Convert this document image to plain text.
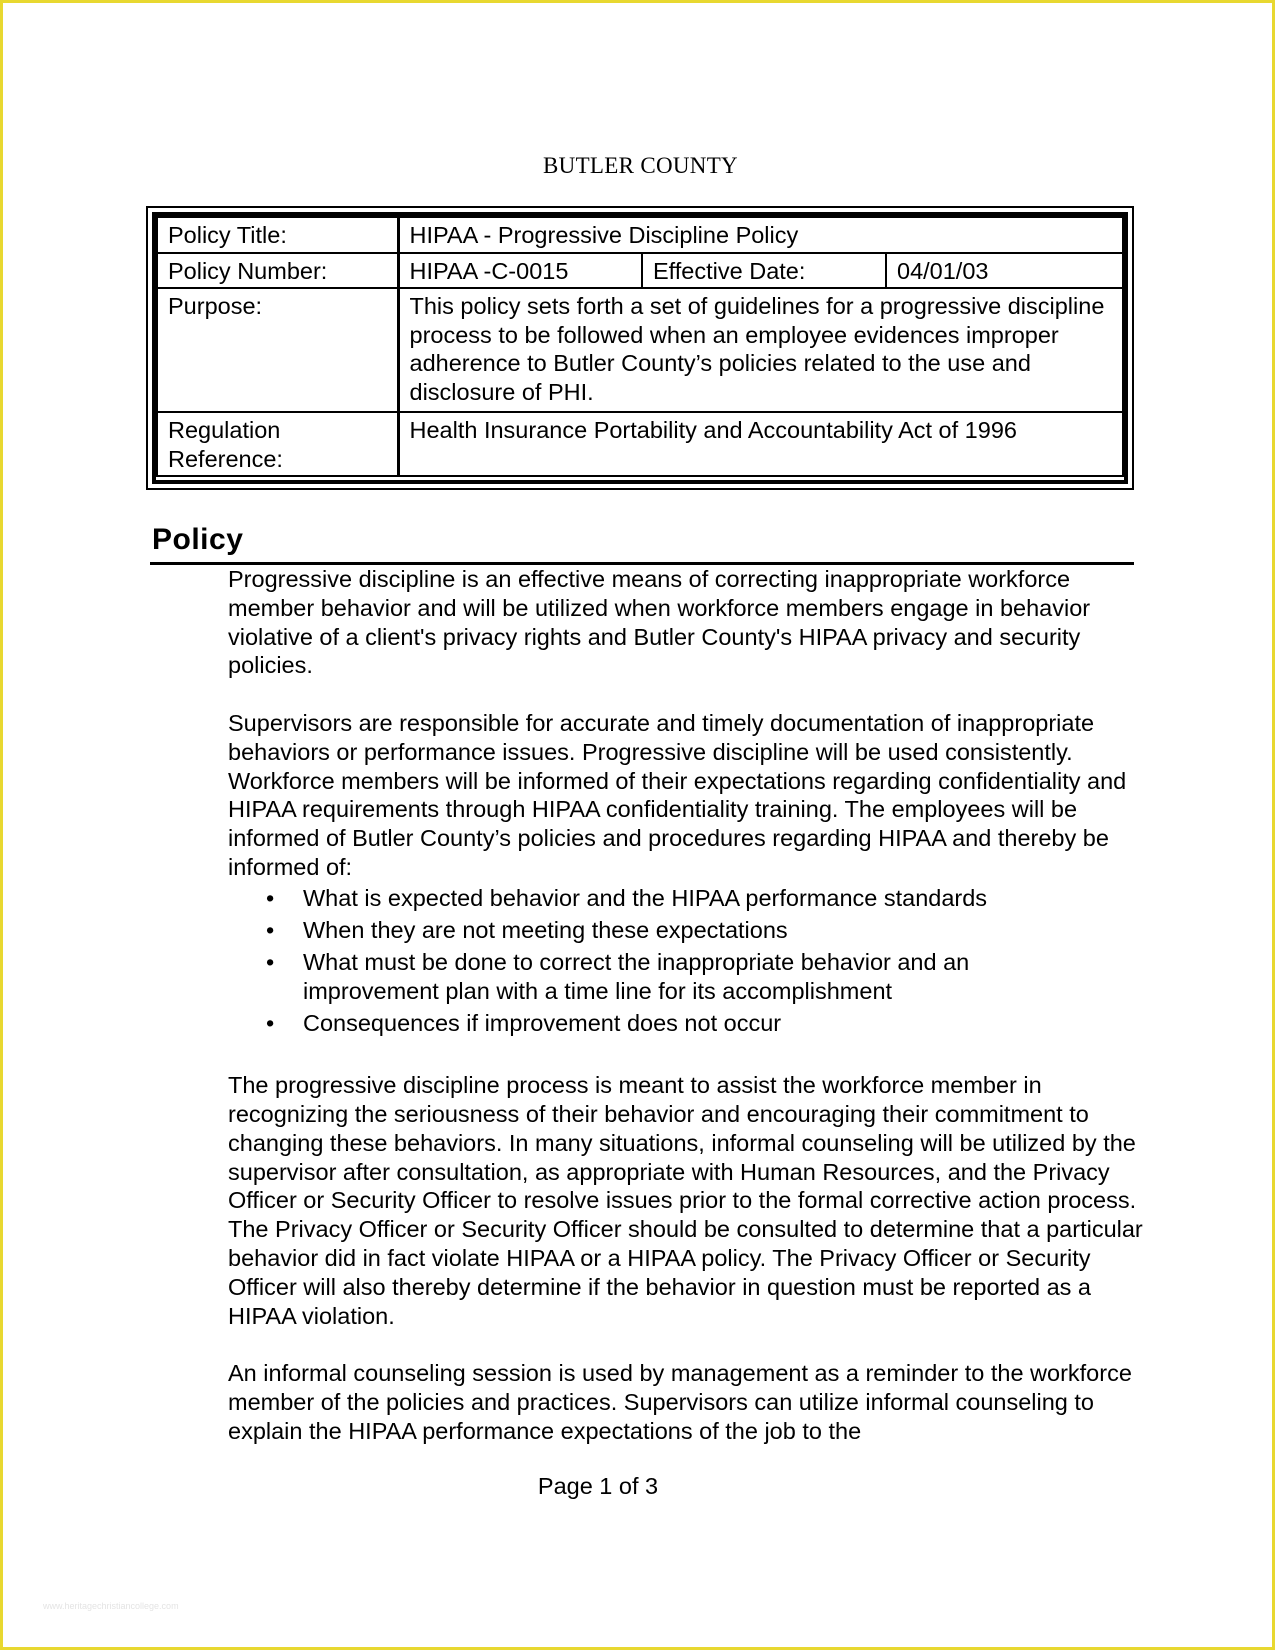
BUTLER COUNTY
Policy Title:	HIPAA - Progressive Discipline Policy		
Policy Number:	HIPAA -C-0015	Effective Date:	04/01/03
Purpose:	This policy sets forth a set of guidelines for a progressive discipline process to be followed when an employee evidences improper adherence to Butler County’s policies related to the use and disclosure of PHI.		

Regulation
Reference:	Health Insurance Portability and Accountability Act of 1996		
Policy

Progressive discipline is an effective means of correcting inappropriate workforce member behavior and will be utilized when workforce members engage in behavior violative of a client's privacy rights and Butler County's HIPAA privacy and security policies.

Supervisors are responsible for accurate and timely documentation of inappropriate behaviors or performance issues. Progressive discipline will be used consistently. Workforce members will be informed of their expectations regarding confidentiality and HIPAA requirements through HIPAA confidentiality training. The employees will be informed of Butler County’s policies and procedures regarding HIPAA and thereby be informed of:

• What is expected behavior and the HIPAA performance standards
• When they are not meeting these expectations
• What must be done to correct the inappropriate behavior and an improvement plan with a time line for its accomplishment
• Consequences if improvement does not occur

The progressive discipline process is meant to assist the workforce member in recognizing the seriousness of their behavior and encouraging their commitment to changing these behaviors. In many situations, informal counseling will be utilized by the supervisor after consultation, as appropriate with Human Resources, and the Privacy Officer or Security Officer to resolve issues prior to the formal corrective action process. The Privacy Officer or Security Officer should be consulted to determine that a particular behavior did in fact violate HIPAA or a HIPAA policy. The Privacy Officer or Security Officer will also thereby determine if the behavior in question must be reported as a HIPAA violation.

An informal counseling session is used by management as a reminder to the workforce member of the policies and practices. Supervisors can utilize informal counseling to explain the HIPAA performance expectations of the job to the

Page 1 of 3
www.heritagechristiancollege.com
